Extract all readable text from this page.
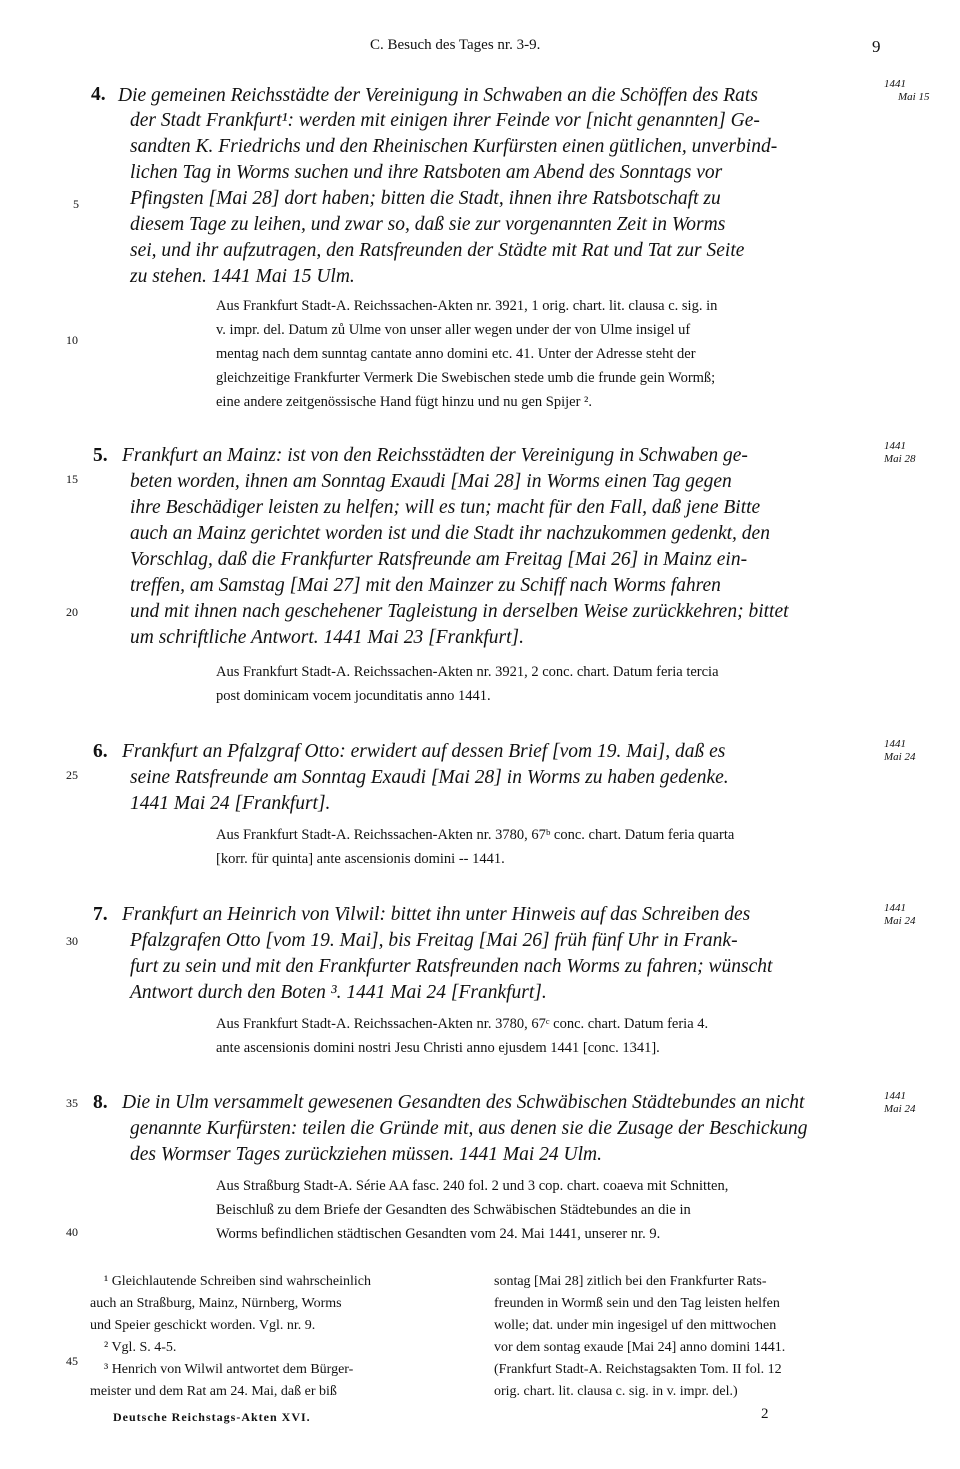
C. Besuch des Tages nr. 3-9.	9
5
10
15
20
25
30
35
40
45
4.	1441
Mai 15
Die gemeinen Reichsstädte der Vereinigung in Schwaben an die Schöffen des Rats
der Stadt Frankfurt¹: werden mit einigen ihrer Feinde vor [nicht genannten] Ge-
sandten K. Friedrichs und den Rheinischen Kurfürsten einen gütlichen, unverbind-
lichen Tag in Worms suchen und ihre Ratsboten am Abend des Sonntags vor
Pfingsten [Mai 28] dort haben; bitten die Stadt, ihnen ihre Ratsbotschaft zu
diesem Tage zu leihen, und zwar so, daß sie zur vorgenannten Zeit in Worms
sei, und ihr aufzutragen, den Ratsfreunden der Städte mit Rat und Tat zur Seite
zu stehen. 1441 Mai 15 Ulm.
Aus Frankfurt Stadt-A. Reichssachen-Akten nr. 3921, 1 orig. chart. lit. clausa c. sig. in
v. impr. del. Datum zů Ulme von unser aller wegen under der von Ulme insigel uf
mentag nach dem sunntag cantate anno domini etc. 41. Unter der Adresse steht der
gleichzeitige Frankfurter Vermerk Die Swebischen stede umb die frunde gein Wormß;
eine andere zeitgenössische Hand fügt hinzu und nu gen Spijer ².
5.	1441
Mai 28
Frankfurt an Mainz: ist von den Reichsstädten der Vereinigung in Schwaben ge-
beten worden, ihnen am Sonntag Exaudi [Mai 28] in Worms einen Tag gegen
ihre Beschädiger leisten zu helfen; will es tun; macht für den Fall, daß jene Bitte
auch an Mainz gerichtet worden ist und die Stadt ihr nachzukommen gedenkt, den
Vorschlag, daß die Frankfurter Ratsfreunde am Freitag [Mai 26] in Mainz ein-
treffen, am Samstag [Mai 27] mit den Mainzer zu Schiff nach Worms fahren
und mit ihnen nach geschehener Tagleistung in derselben Weise zurückkehren; bittet
um schriftliche Antwort. 1441 Mai 23 [Frankfurt].
Aus Frankfurt Stadt-A. Reichssachen-Akten nr. 3921, 2 conc. chart. Datum feria tercia
post dominicam vocem jocunditatis anno 1441.
6.	1441
Mai 24
Frankfurt an Pfalzgraf Otto: erwidert auf dessen Brief [vom 19. Mai], daß es
seine Ratsfreunde am Sonntag Exaudi [Mai 28] in Worms zu haben gedenke.
1441 Mai 24 [Frankfurt].
Aus Frankfurt Stadt-A. Reichssachen-Akten nr. 3780, 67ᵇ conc. chart. Datum feria quarta
[korr. für quinta] ante ascensionis domini -- 1441.
7.	1441
Mai 24
Frankfurt an Heinrich von Vilwil: bittet ihn unter Hinweis auf das Schreiben des
Pfalzgrafen Otto [vom 19. Mai], bis Freitag [Mai 26] früh fünf Uhr in Frank-
furt zu sein und mit den Frankfurter Ratsfreunden nach Worms zu fahren; wünscht
Antwort durch den Boten ³. 1441 Mai 24 [Frankfurt].
Aus Frankfurt Stadt-A. Reichssachen-Akten nr. 3780, 67ᶜ conc. chart. Datum feria 4.
ante ascensionis domini nostri Jesu Christi anno ejusdem 1441 [conc. 1341].
8.	1441
Mai 24
Die in Ulm versammelt gewesenen Gesandten des Schwäbischen Städtebundes an nicht
genannte Kurfürsten: teilen die Gründe mit, aus denen sie die Zusage der Beschickung
des Wormser Tages zurückziehen müssen. 1441 Mai 24 Ulm.
Aus Straßburg Stadt-A. Série AA fasc. 240 fol. 2 und 3 cop. chart. coaeva mit Schnitten,
Beischluß zu dem Briefe der Gesandten des Schwäbischen Städtebundes an die in
Worms befindlichen städtischen Gesandten vom 24. Mai 1441, unserer nr. 9.
¹ Gleichlautende Schreiben sind wahrscheinlich
auch an Straßburg, Mainz, Nürnberg, Worms
und Speier geschickt worden. Vgl. nr. 9.
² Vgl. S. 4-5.
³ Henrich von Wilwil antwortet dem Bürger-
meister und dem Rat am 24. Mai, daß er biß
sontag [Mai 28] zitlich bei den Frankfurter Rats-
freunden in Wormß sein und den Tag leisten helfen
wolle; dat. under min ingesigel uf den mittwochen
vor dem sontag exaude [Mai 24] anno domini 1441.
(Frankfurt Stadt-A. Reichstagsakten Tom. II fol. 12
orig. chart. lit. clausa c. sig. in v. impr. del.)
Deutsche Reichstags-Akten XVI.	2
